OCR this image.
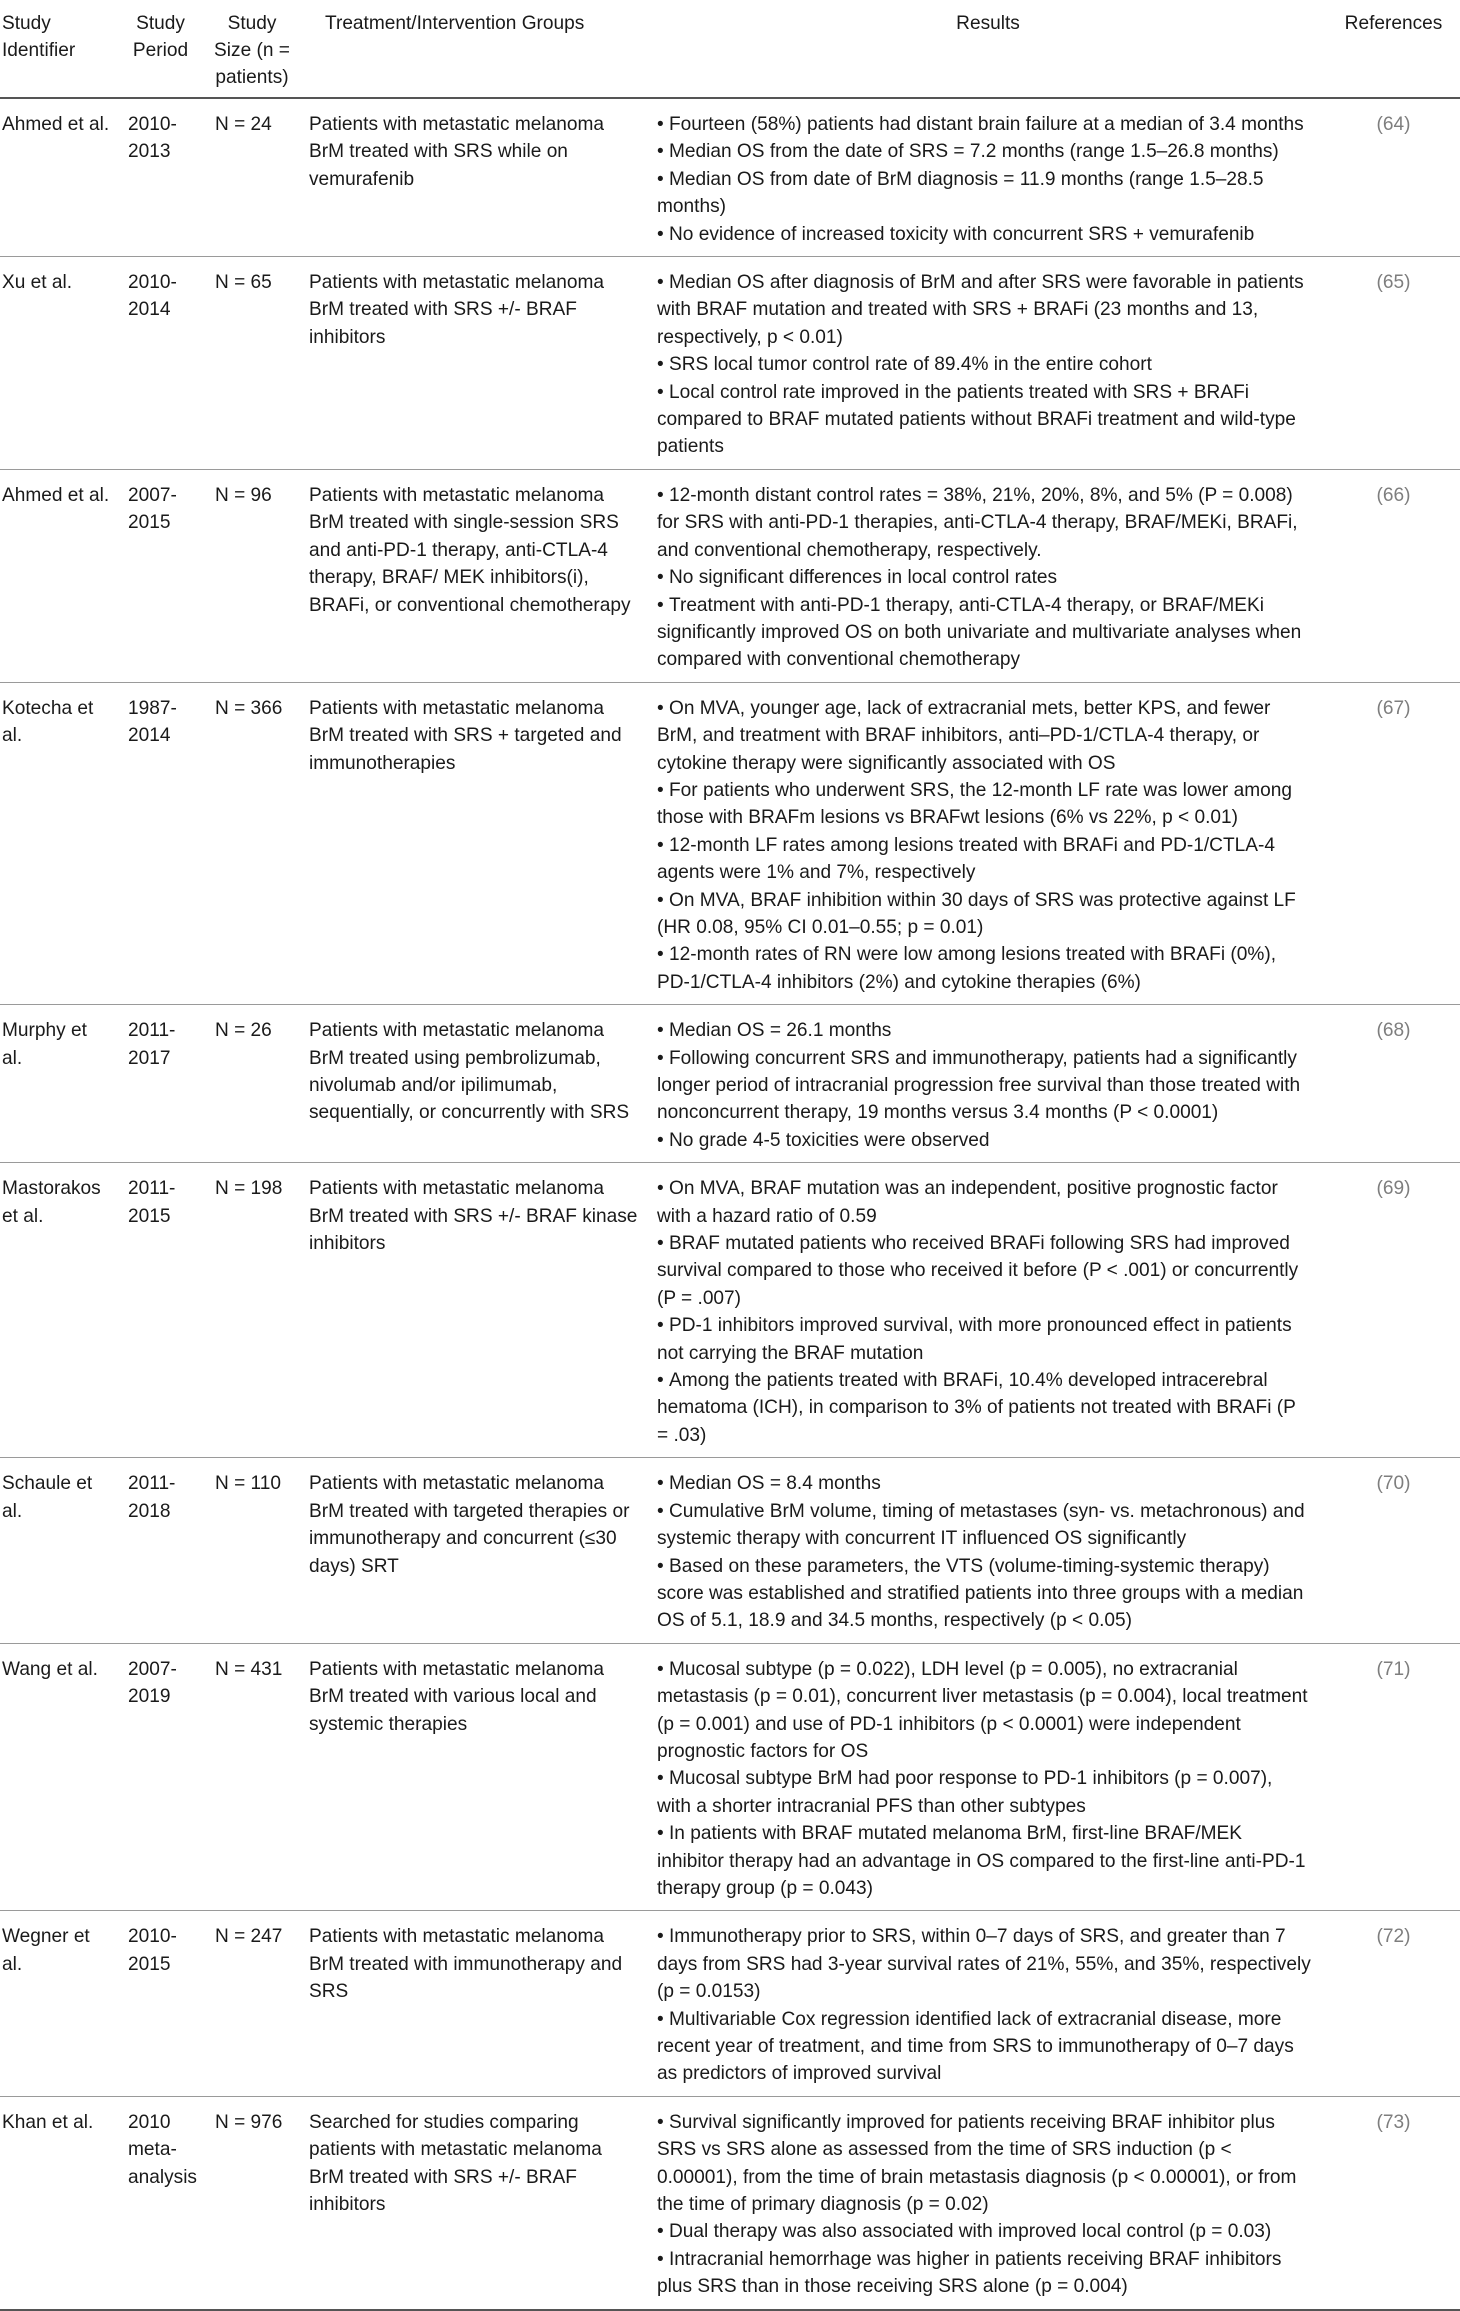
Study Identifier	Study Period	Study Size (n = patients)	Treatment/Intervention Groups	Results	References
Ahmed et al.	2010-2013	N = 24	Patients with metastatic melanoma BrM treated with SRS while on vemurafenib	• Fourteen (58%) patients had distant brain failure at a median of 3.4 months
• Median OS from the date of SRS = 7.2 months (range 1.5–26.8 months)
• Median OS from date of BrM diagnosis = 11.9 months (range 1.5–28.5 months)
• No evidence of increased toxicity with concurrent SRS + vemurafenib	(64)
Xu et al.	2010-2014	N = 65	Patients with metastatic melanoma BrM treated with SRS +/- BRAF inhibitors	• Median OS after diagnosis of BrM and after SRS were favorable in patients with BRAF mutation and treated with SRS + BRAFi (23 months and 13, respectively, p < 0.01)
• SRS local tumor control rate of 89.4% in the entire cohort
• Local control rate improved in the patients treated with SRS + BRAFi compared to BRAF mutated patients without BRAFi treatment and wild-type patients	(65)
Ahmed et al.	2007-2015	N = 96	Patients with metastatic melanoma BrM treated with single-session SRS and anti-PD-1 therapy, anti-CTLA-4 therapy, BRAF/ MEK inhibitors(i), BRAFi, or conventional chemotherapy	• 12-month distant control rates = 38%, 21%, 20%, 8%, and 5% (P = 0.008) for SRS with anti-PD-1 therapies, anti-CTLA-4 therapy, BRAF/MEKi, BRAFi, and conventional chemotherapy, respectively.
• No significant differences in local control rates
• Treatment with anti-PD-1 therapy, anti-CTLA-4 therapy, or BRAF/MEKi significantly improved OS on both univariate and multivariate analyses when compared with conventional chemotherapy	(66)
Kotecha et al.	1987-2014	N = 366	Patients with metastatic melanoma BrM treated with SRS + targeted and immunotherapies	• On MVA, younger age, lack of extracranial mets, better KPS, and fewer BrM, and treatment with BRAF inhibitors, anti–PD-1/CTLA-4 therapy, or cytokine therapy were significantly associated with OS
• For patients who underwent SRS, the 12-month LF rate was lower among those with BRAFm lesions vs BRAFwt lesions (6% vs 22%, p < 0.01)
• 12-month LF rates among lesions treated with BRAFi and PD-1/CTLA-4 agents were 1% and 7%, respectively
• On MVA, BRAF inhibition within 30 days of SRS was protective against LF (HR 0.08, 95% CI 0.01–0.55; p = 0.01)
• 12-month rates of RN were low among lesions treated with BRAFi (0%), PD-1/CTLA-4 inhibitors (2%) and cytokine therapies (6%)	(67)
Murphy et al.	2011-2017	N = 26	Patients with metastatic melanoma BrM treated using pembrolizumab, nivolumab and/or ipilimumab, sequentially, or concurrently with SRS	• Median OS = 26.1 months
• Following concurrent SRS and immunotherapy, patients had a significantly longer period of intracranial progression free survival than those treated with nonconcurrent therapy, 19 months versus 3.4 months (P < 0.0001)
• No grade 4-5 toxicities were observed	(68)
Mastorakos et al.	2011-2015	N = 198	Patients with metastatic melanoma BrM treated with SRS +/- BRAF kinase inhibitors	• On MVA, BRAF mutation was an independent, positive prognostic factor with a hazard ratio of 0.59
• BRAF mutated patients who received BRAFi following SRS had improved survival compared to those who received it before (P < .001) or concurrently (P = .007)
• PD-1 inhibitors improved survival, with more pronounced effect in patients not carrying the BRAF mutation
• Among the patients treated with BRAFi, 10.4% developed intracerebral hematoma (ICH), in comparison to 3% of patients not treated with BRAFi (P = .03)	(69)
Schaule et al.	2011-2018	N = 110	Patients with metastatic melanoma BrM treated with targeted therapies or immunotherapy and concurrent (≤30 days) SRT	• Median OS = 8.4 months
• Cumulative BrM volume, timing of metastases (syn- vs. metachronous) and systemic therapy with concurrent IT influenced OS significantly
• Based on these parameters, the VTS (volume-timing-systemic therapy) score was established and stratified patients into three groups with a median OS of 5.1, 18.9 and 34.5 months, respectively (p < 0.05)	(70)
Wang et al.	2007-2019	N = 431	Patients with metastatic melanoma BrM treated with various local and systemic therapies	• Mucosal subtype (p = 0.022), LDH level (p = 0.005), no extracranial metastasis (p = 0.01), concurrent liver metastasis (p = 0.004), local treatment (p = 0.001) and use of PD-1 inhibitors (p < 0.0001) were independent prognostic factors for OS
• Mucosal subtype BrM had poor response to PD-1 inhibitors (p = 0.007), with a shorter intracranial PFS than other subtypes
• In patients with BRAF mutated melanoma BrM, first-line BRAF/MEK inhibitor therapy had an advantage in OS compared to the first-line anti-PD-1 therapy group (p = 0.043)	(71)
Wegner et al.	2010-2015	N = 247	Patients with metastatic melanoma BrM treated with immunotherapy and SRS	• Immunotherapy prior to SRS, within 0–7 days of SRS, and greater than 7 days from SRS had 3-year survival rates of 21%, 55%, and 35%, respectively (p = 0.0153)
• Multivariable Cox regression identified lack of extracranial disease, more recent year of treatment, and time from SRS to immunotherapy of 0–7 days as predictors of improved survival	(72)
Khan et al.	2010 meta-analysis	N = 976	Searched for studies comparing patients with metastatic melanoma BrM treated with SRS +/- BRAF inhibitors	• Survival significantly improved for patients receiving BRAF inhibitor plus SRS vs SRS alone as assessed from the time of SRS induction (p < 0.00001), from the time of brain metastasis diagnosis (p < 0.00001), or from the time of primary diagnosis (p = 0.02)
• Dual therapy was also associated with improved local control (p = 0.03)
• Intracranial hemorrhage was higher in patients receiving BRAF inhibitors plus SRS than in those receiving SRS alone (p = 0.004)	(73)
